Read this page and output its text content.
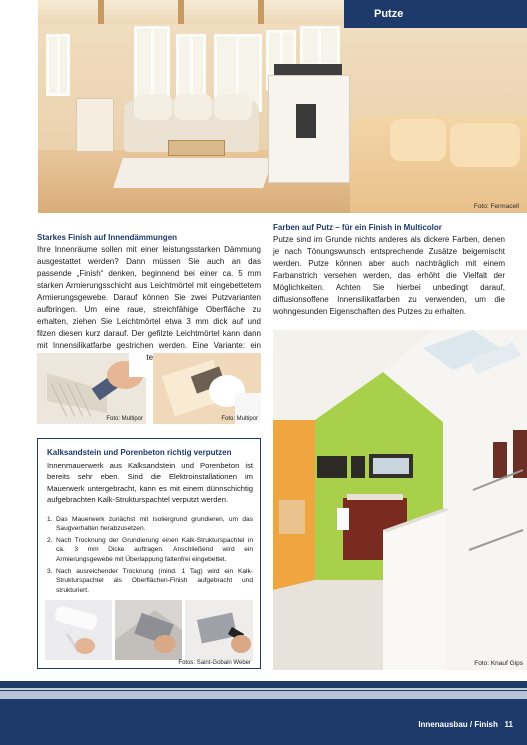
Foto: Fermacell
Putze
Starkes Finish auf Innendämmungen

Ihre Innenräume sollen mit einer leistungsstarken Dämmung ausgestattet werden? Dann müssen Sie auch an das passende „Finish“ denken, beginnend bei einer ca. 5 mm starken Armierungsschicht aus Leichtmörtel mit eingebettetem Armierungsgewebe. Darauf können Sie zwei Putzvarianten aufbringen. Um eine raue, streichfähige Oberfläche zu erhalten, ziehen Sie Leichtmörtel etwa 3 mm dick auf und filzen diesen kurz darauf. Der gefilzte Leichtmörtel kann dann mit Innensilikatfarbe gestrichen werden. Eine Variante: ein

Farben auf Putz – für ein Finish in Multicolor

Putze sind im Grunde nichts anderes als dickere Farben, denen je nach Tönungswunsch entsprechende Zusätze beigemischt werden. Putze können aber auch nachträglich mit einem Farbanstrich versehen werden, das erhöht die Vielfalt der Möglichkeiten. Achten Sie hierbei unbedingt darauf, diffusionsoffene Innensilikatfarben zu verwenden, um die wohngesunden Eigenschaften des Putzes zu erhalten.

Foto: Multipor	Foto: Multipor
Kalksandstein und Porenbeton richtig verputzen
Innenmauerwerk aus Kalksandstein und Porenbeton ist bereits sehr eben. Sind die Elektroinstallationen im Mauerwerk untergebracht, kann es mit einem dünnschichtig aufgebrachten Kalk-Strukturspachtel verputzt werden.
1. Das Mauerwerk zunächst mit Isoliergrund grundieren, um das Saugverhalten herabzusetzen.
2. Nach Trocknung der Grundierung einen Kalk-Strukturspachtel in ca. 3 mm Dicke auftragen. Anschließend wird ein Armierungsgewebe mit Überlappung faltenfrei eingebettet.
3. Nach ausreichender Trocknung (mind. 1 Tag) wird ein Kalk-Strukturspachtel als Oberflächen-Finish aufgebracht und strukturiert.
Fotos: Saint-Gobain Weber	Foto: Knauf Gips
Innenausbau / Finish   11
